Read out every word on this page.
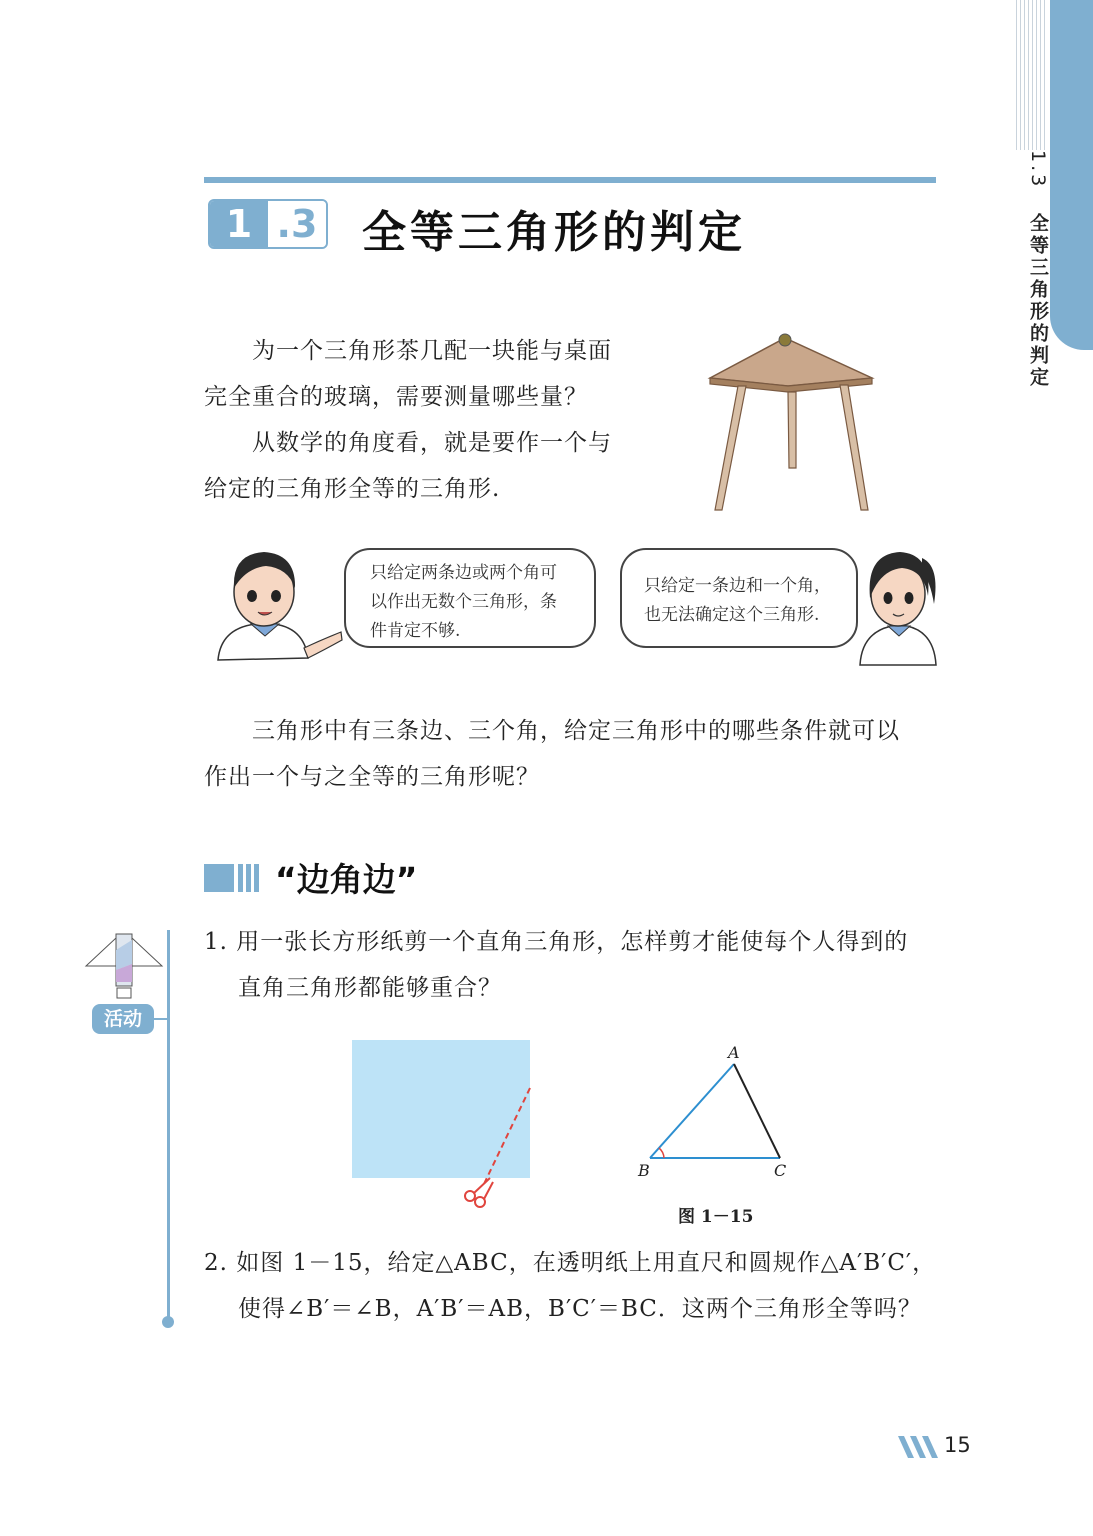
1.3 全等三角形的判定
1 .3 全等三角形的判定

为一个三角形茶几配一块能与桌面

完全重合的玻璃，需要测量哪些量？

从数学的角度看，就是要作一个与

给定的三角形全等的三角形.

只给定两条边或两个角可
以作出无数个三角形，条
件肯定不够.
只给定一条边和一个角，
也无法确定这个三角形.

三角形中有三条边、三个角，给定三角形中的哪些条件就可以

作出一个与之全等的三角形呢？

“边角边”
活动

1. 用一张长方形纸剪一个直角三角形，怎样剪才能使每个人得到的

直角三角形都能够重合？

A
B	C
图 1－15

2. 如图 1－15，给定△ABC，在透明纸上用直尺和圆规作△A′B′C′，

使得∠B′＝∠B，A′B′＝AB，B′C′＝BC．这两个三角形全等吗？

15
